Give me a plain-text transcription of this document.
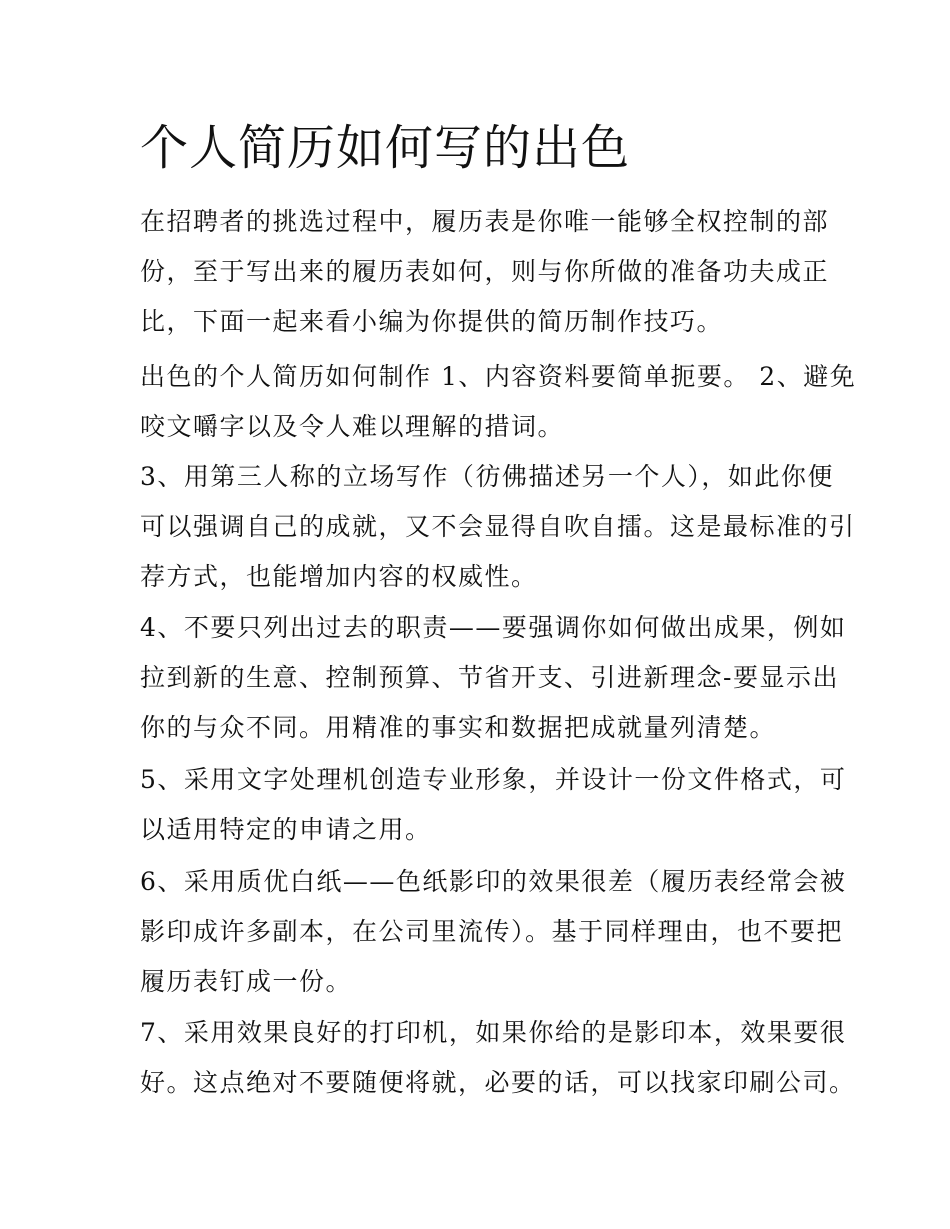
个人简历如何写的出色
在招聘者的挑选过程中，履历表是你唯一能够全权控制的部
份，至于写出来的履历表如何，则与你所做的准备功夫成正
比，下面一起来看小编为你提供的简历制作技巧。
出色的个人简历如何制作 1、内容资料要简单扼要。 2、避免
咬文嚼字以及令人难以理解的措词。
3、用第三人称的立场写作（彷佛描述另一个人），如此你便
可以强调自己的成就，又不会显得自吹自擂。这是最标准的引
荐方式，也能增加内容的权威性。
4、不要只列出过去的职责——要强调你如何做出成果，例如
拉到新的生意、控制预算、节省开支、引进新理念-要显示出
你的与众不同。用精准的事实和数据把成就量列清楚。
5、采用文字处理机创造专业形象，并设计一份文件格式，可
以适用特定的申请之用。
6、采用质优白纸——色纸影印的效果很差（履历表经常会被
影印成许多副本，在公司里流传）。基于同样理由，也不要把
履历表钉成一份。
7、采用效果良好的打印机，如果你给的是影印本，效果要很
好。这点绝对不要随便将就，必要的话，可以找家印刷公司。
